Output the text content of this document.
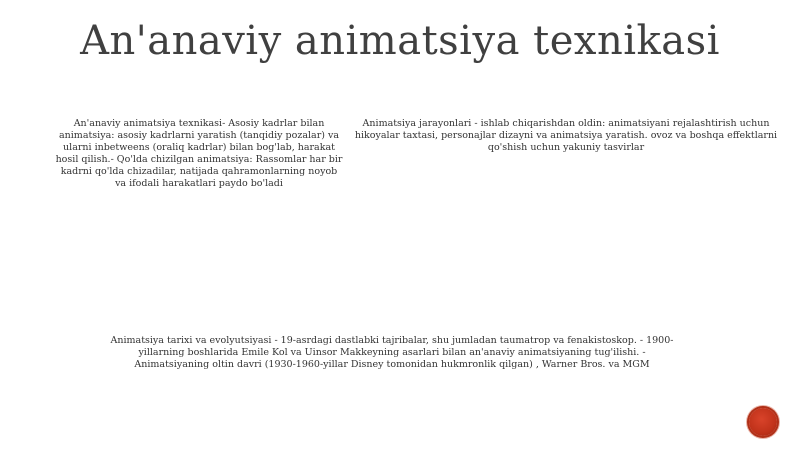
An'anaviy animatsiya texnikasi
An'anaviy animatsiya texnikasi- Asosiy kadrlar bilan animatsiya: asosiy kadrlarni yaratish (tanqidiy pozalar) va ularni inbetweens (oraliq kadrlar) bilan bog'lab, harakat hosil qilish.- Qo'lda chizilgan animatsiya: Rassomlar har bir kadrni qo'lda chizadilar, natijada qahramonlarning noyob va ifodali harakatlari paydo bo'ladi
Animatsiya jarayonlari - ishlab chiqarishdan oldin: animatsiyani rejalashtirish uchun hikoyalar taxtasi, personajlar dizayni va animatsiya yaratish. ovoz va boshqa effektlarni qo'shish uchun yakuniy tasvirlar
Animatsiya tarixi va evolyutsiyasi - 19-asrdagi dastlabki tajribalar, shu jumladan taumatrop va fenakistoskop. - 1900-yillarning boshlarida Emile Kol va Uinsor Makkeyning asarlari bilan an'anaviy animatsiyaning tug'ilishi. - Animatsiyaning oltin davri (1930-1960-yillar Disney tomonidan hukmronlik qilgan) , Warner Bros. va MGM
